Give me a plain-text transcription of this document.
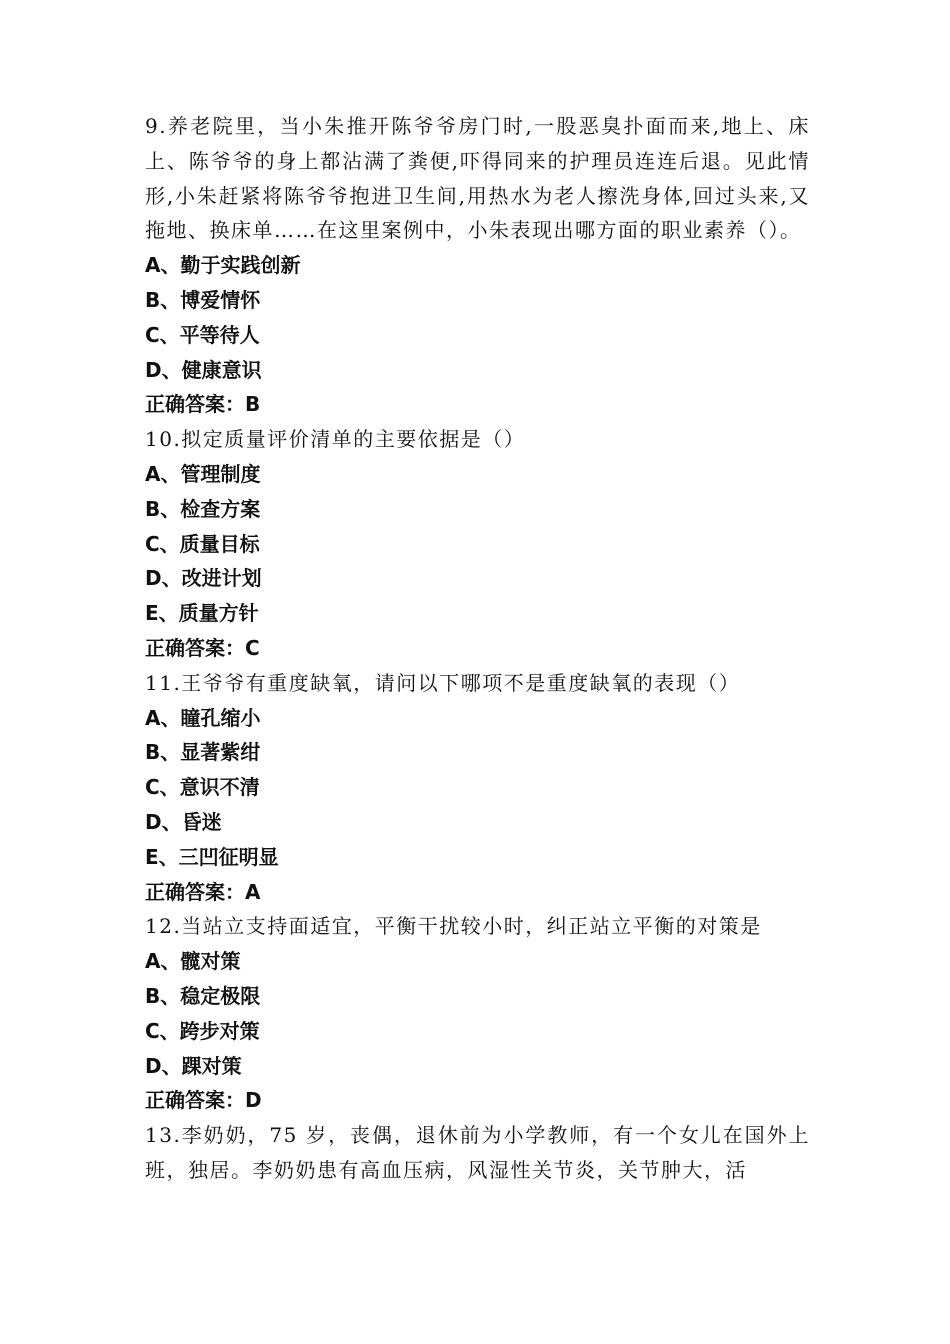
9.养老院里，当小朱推开陈爷爷房门时,一股恶臭扑面而来,地上、床上、陈爷爷的身上都沾满了粪便,吓得同来的护理员连连后退。见此情形,小朱赶紧将陈爷爷抱进卫生间,用热水为老人擦洗身体,回过头来,又拖地、换床单……在这里案例中，小朱表现出哪方面的职业素养（）。

A、勤于实践创新
B、博爱情怀
C、平等待人
D、健康意识
正确答案：B

10.拟定质量评价清单的主要依据是（）

A、管理制度
B、检查方案
C、质量目标
D、改进计划
E、质量方针
正确答案：C

11.王爷爷有重度缺氧，请问以下哪项不是重度缺氧的表现（）

A、瞳孔缩小
B、显著紫绀
C、意识不清
D、昏迷
E、三凹征明显
正确答案：A

12.当站立支持面适宜，平衡干扰较小时，纠正站立平衡的对策是

A、髋对策
B、稳定极限
C、跨步对策
D、踝对策
正确答案：D

13.李奶奶，75 岁，丧偶，退休前为小学教师，有一个女儿在国外上班，独居。李奶奶患有高血压病，风湿性关节炎，关节肿大，活
